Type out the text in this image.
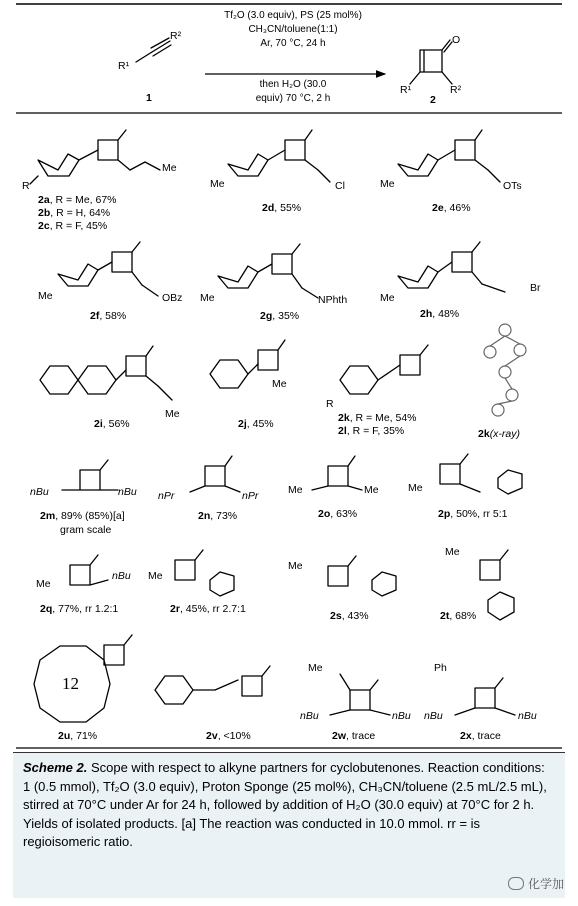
R¹
R²
1	2
O
R¹	R²
Tf₂O (3.0 equiv), PS (25 mol%)
CH₃CN/toluene(1:1)
Ar, 70 °C, 24 h
then H₂O (30.0
equiv) 70 °C, 2 h
R
Me
Me	Cl	Me	OTs
Me	OBz Me	NPhth	Me
Br
Me
Me
R
nBu	nBu nPr	nPr	Me	Me	Me
Me
nBu Me
Me
Me
12
Me
nBu	nBu
Ph
nBu	nBu
2a, R = Me, 67%
2b, R = H, 64%
2c, R = F, 45%
2d, 55%	2e, 46%
2f, 58%	2g, 35%	2h, 48%
2i, 56%	2j, 45%	2k, R = Me, 54%
2l, R = F, 35%	2k(x-ray)
2m, 89% (85%)[a]
gram scale
2n, 73%	2o, 63%	2p, 50%, rr 5:1
2q, 77%, rr 1.2:1	2r, 45%, rr 2.7:1
2s, 43%	2t, 68%
2u, 71%	2v, <10%	2w, trace	2x, trace
Scheme 2. Scope with respect to alkyne partners for cyclobutenones. Reaction conditions: 1 (0.5 mmol), Tf₂O (3.0 equiv), Proton Sponge (25 mol%), CH₃CN/toluene (2.5 mL/2.5 mL), stirred at 70°C under Ar for 24 h, followed by addition of H₂O (30.0 equiv) at 70°C for 2 h. Yields of isolated products. [a] The reaction was conducted in 10.0 mmol. rr = is regioisomeric ratio.
化学加
